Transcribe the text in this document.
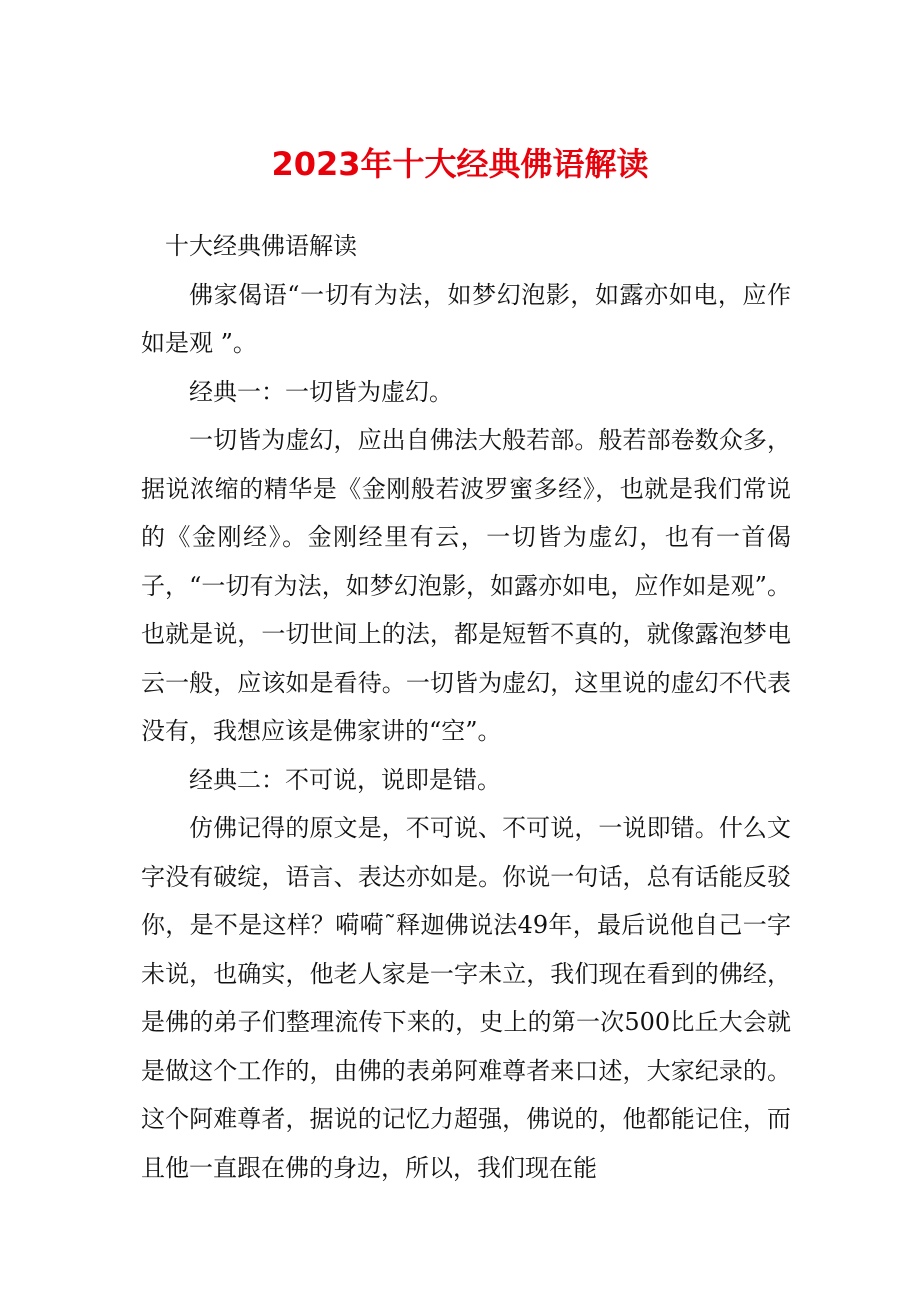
2023年十大经典佛语解读

十大经典佛语解读

佛家偈语“一切有为法，如梦幻泡影，如露亦如电，应作如是观 ”。

经典一：一切皆为虚幻。

一切皆为虚幻，应出自佛法大般若部。般若部卷数众多，据说浓缩的精华是《金刚般若波罗蜜多经》，也就是我们常说的《金刚经》。金刚经里有云，一切皆为虚幻，也有一首偈子，“一切有为法，如梦幻泡影，如露亦如电，应作如是观”。也就是说，一切世间上的法，都是短暂不真的，就像露泡梦电云一般，应该如是看待。一切皆为虚幻，这里说的虚幻不代表没有，我想应该是佛家讲的“空”。

经典二：不可说，说即是错。

仿佛记得的原文是，不可说、不可说，一说即错。什么文字没有破绽，语言、表达亦如是。你说一句话，总有话能反驳你，是不是这样？嗬嗬˜释迦佛说法49年，最后说他自己一字未说，也确实，他老人家是一字未立，我们现在看到的佛经，是佛的弟子们整理流传下来的，史上的第一次500比丘大会就是做这个工作的，由佛的表弟阿难尊者来口述，大家纪录的。这个阿难尊者，据说的记忆力超强，佛说的，他都能记住，而且他一直跟在佛的身边，所以，我们现在能
